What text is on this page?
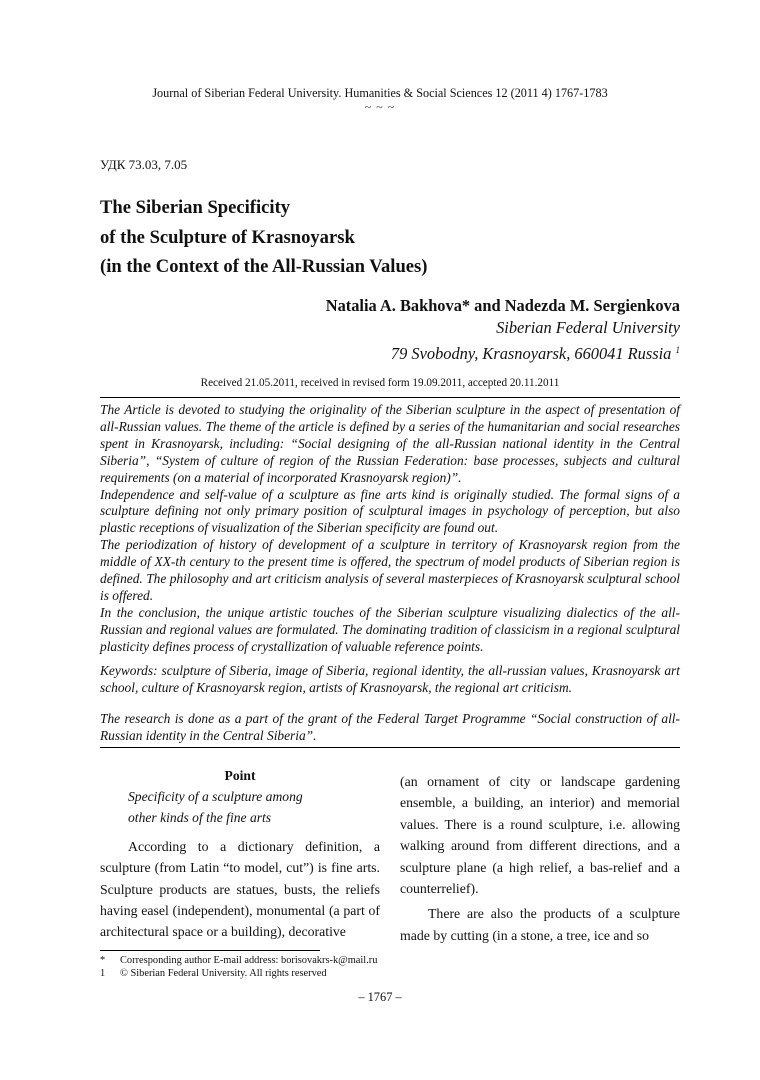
Journal of Siberian Federal University. Humanities & Social Sciences 12 (2011 4) 1767-1783
~ ~ ~
УДК 73.03, 7.05
The Siberian Specificity
of the Sculpture of Krasnoyarsk
(in the Context of the All-Russian Values)
Natalia A. Bakhova* and Nadezda M. Sergienkova
Siberian Federal University
79 Svobodny, Krasnoyarsk, 660041 Russia $^1$
Received 21.05.2011, received in revised form 19.09.2011, accepted 20.11.2011

The Article is devoted to studying the originality of the Siberian sculpture in the aspect of presentation of all-Russian values. The theme of the article is defined by a series of the humanitarian and social researches spent in Krasnoyarsk, including: “Social designing of the all-Russian national identity in the Central Siberia”, “System of culture of region of the Russian Federation: base processes, subjects and cultural requirements (on a material of incorporated Krasnoyarsk region)”.

Independence and self-value of a sculpture as fine arts kind is originally studied. The formal signs of a sculpture defining not only primary position of sculptural images in psychology of perception, but also plastic receptions of visualization of the Siberian specificity are found out.

The periodization of history of development of a sculpture in territory of Krasnoyarsk region from the middle of XX-th century to the present time is offered, the spectrum of model products of Siberian region is defined. The philosophy and art criticism analysis of several masterpieces of Krasnoyarsk sculptural school is offered.

In the conclusion, the unique artistic touches of the Siberian sculpture visualizing dialectics of the all-Russian and regional values are formulated. The dominating tradition of classicism in a regional sculptural plasticity defines process of crystallization of valuable reference points.

Keywords: sculpture of Siberia, image of Siberia, regional identity, the all-russian values, Krasnoyarsk art school, culture of Krasnoyarsk region, artists of Krasnoyarsk, the regional art criticism.
The research is done as a part of the grant of the Federal Target Programme “Social construction of all-Russian identity in the Central Siberia”.
Point
Specificity of a sculpture among
other kinds of the fine arts

According to a dictionary definition, a sculpture (from Latin “to model, cut”) is fine arts. Sculpture products are statues, busts, the reliefs having easel (independent), monumental (a part of architectural space or a building), decorative

(an ornament of city or landscape gardening ensemble, a building, an interior) and memorial values. There is a round sculpture, i.e. allowing walking around from different directions, and a sculpture plane (a high relief, a bas-relief and a counterrelief).

There are also the products of a sculpture made by cutting (in a stone, a tree, ice and so

* Corresponding author E-mail address: borisovakrs-k@mail.ru
1 © Siberian Federal University. All rights reserved
– 1767 –
